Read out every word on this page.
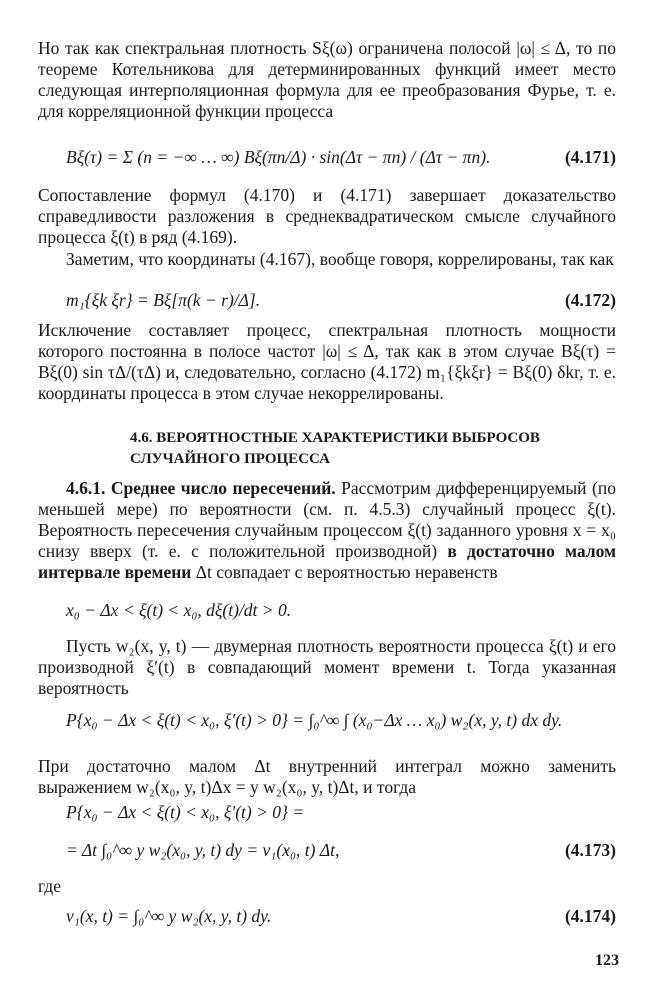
Но так как спектральная плотность Sξ(ω) ограничена полосой |ω| ≤ Δ, то по теореме Котельникова для детерминированных функций имеет место следующая интерполяционная формула для ее преобразования Фурье, т. е. для корреляционной функции процесса
Bξ(τ) = Σ (n = −∞ … ∞) Bξ(πn/Δ) · sin(Δτ − πn) / (Δτ − πn).	(4.171)
Сопоставление формул (4.170) и (4.171) завершает доказательство справедливости разложения в среднеквадратическом смысле случайного процесса ξ(t) в ряд (4.169).
Заметим, что координаты (4.167), вообще говоря, коррелированы, так как
m₁{ξk ξr} = Bξ[π(k − r)/Δ].	(4.172)
Исключение составляет процесс, спектральная плотность мощности которого постоянна в полосе частот |ω| ≤ Δ, так как в этом случае Bξ(τ) = Bξ(0) sin τΔ/(τΔ) и, следовательно, согласно (4.172) m₁{ξkξr} = Bξ(0) δkr, т. е. координаты процесса в этом случае некоррелированы.
4.6. ВЕРОЯТНОСТНЫЕ ХАРАКТЕРИСТИКИ ВЫБРОСОВ СЛУЧАЙНОГО ПРОЦЕССА
4.6.1. Среднее число пересечений. Рассмотрим дифференцируемый (по меньшей мере) по вероятности (см. п. 4.5.3) случайный процесс ξ(t). Вероятность пересечения случайным процессом ξ(t) заданного уровня x = x₀ снизу вверх (т. е. с положительной производной) в достаточно малом интервале времени Δt совпадает с вероятностью неравенств
x₀ − Δx < ξ(t) < x₀, dξ(t)/dt > 0.
Пусть w₂(x, y, t) — двумерная плотность вероятности процесса ξ(t) и его производной ξ′(t) в совпадающий момент времени t. Тогда указанная вероятность
P{x₀ − Δx < ξ(t) < x₀, ξ′(t) > 0} = ∫₀^∞ ∫ (x₀−Δx … x₀) w₂(x, y, t) dx dy.
При достаточно малом Δt внутренний интеграл можно заменить выражением w₂(x₀, y, t)Δx = y w₂(x₀, y, t)Δt, и тогда
P{x₀ − Δx < ξ(t) < x₀, ξ′(t) > 0} =
= Δt ∫₀^∞ y w₂(x₀, y, t) dy = v₁(x₀, t) Δt,	(4.173)
где
v₁(x, t) = ∫₀^∞ y w₂(x, y, t) dy.	(4.174)
123
